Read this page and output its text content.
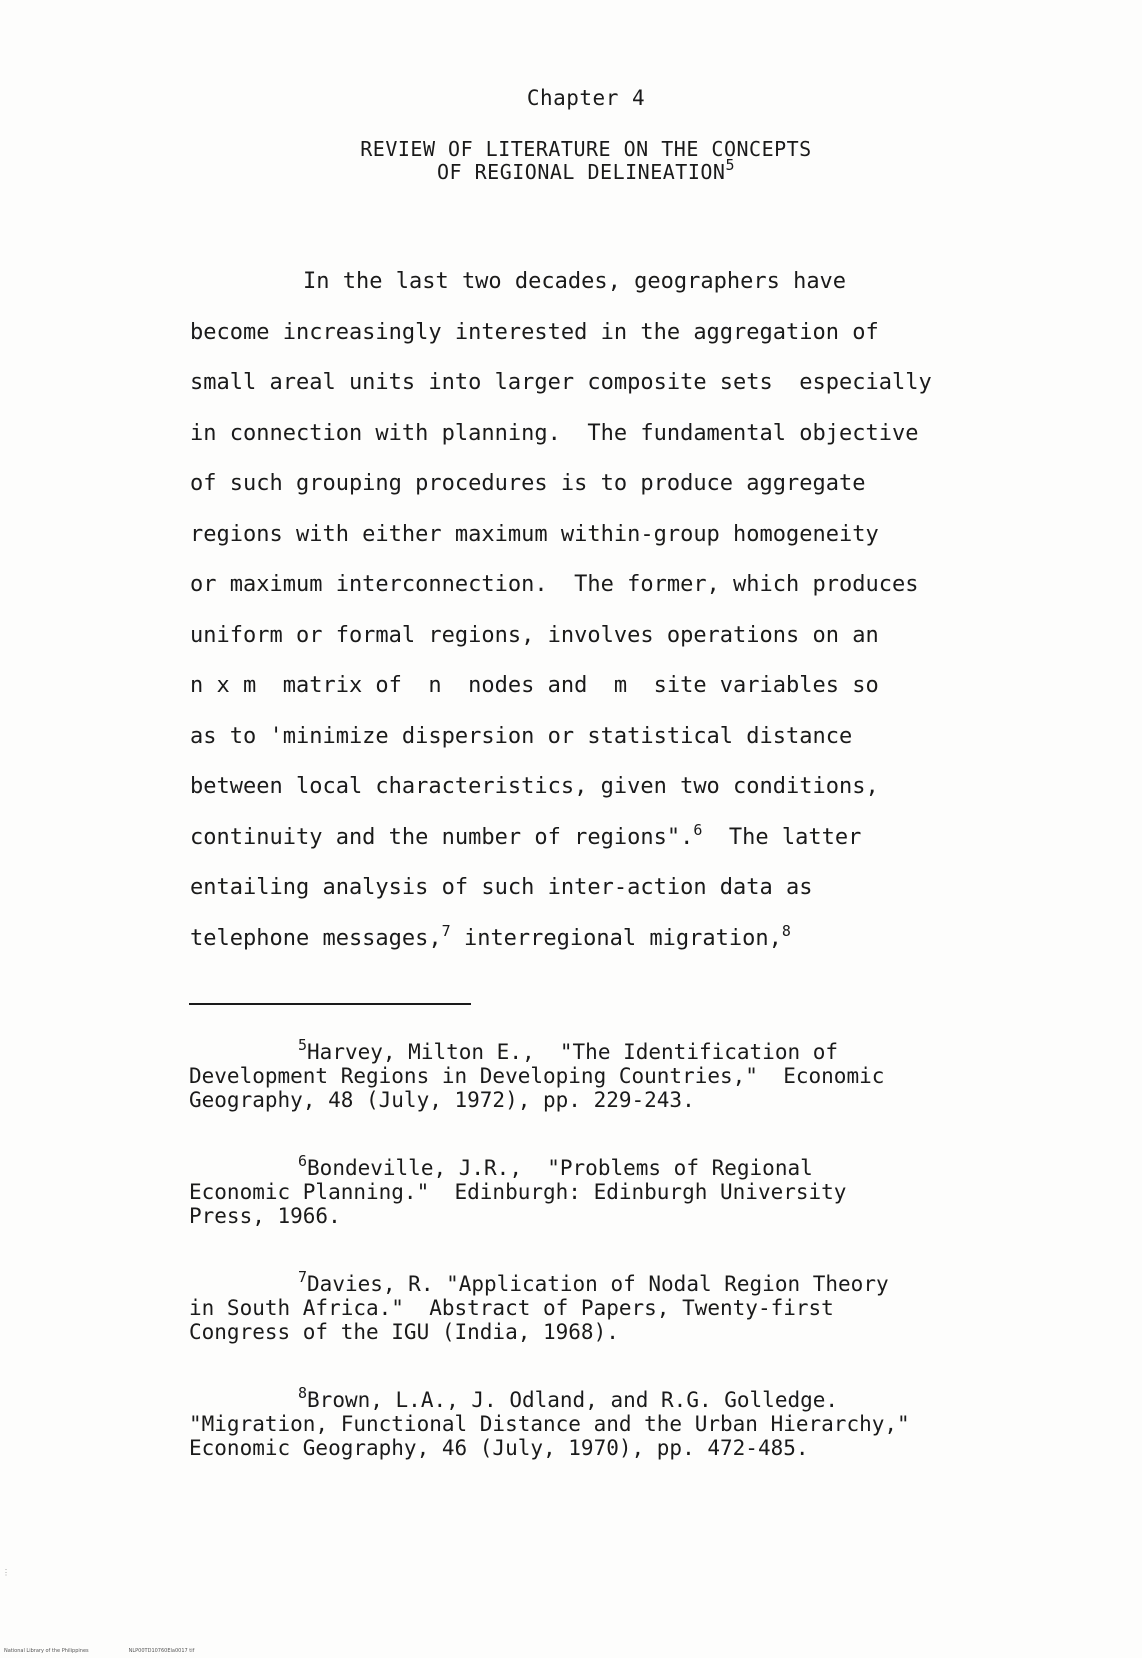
Chapter 4
REVIEW OF LITERATURE ON THE CONCEPTS
OF REGIONAL DELINEATION$^5$
In the last two decades, geographers have
become increasingly interested in the aggregation of
small areal units into larger composite sets  especially
in connection with planning.  The fundamental objective
of such grouping procedures is to produce aggregate
regions with either maximum within-group homogeneity
or maximum interconnection.  The former, which produces
uniform or formal regions, involves operations on an
n x m  matrix of  n  nodes and  m  site variables so
as to 'minimize dispersion or statistical distance
between local characteristics, given two conditions,
continuity and the number of regions".$^6$ The latter
entailing analysis of such inter-action data as
telephone messages,$^7$ interregional migration,$^8$
$^5$Harvey, Milton E.,  "The Identification of
Development Regions in Developing Countries,"  Economic
Geography, 48 (July, 1972), pp. 229-243.
$^6$Bondeville, J.R.,  "Problems of Regional
Economic Planning."  Edinburgh: Edinburgh University
Press, 1966.
$^7$Davies, R. "Application of Nodal Region Theory
in South Africa."  Abstract of Papers, Twenty-first
Congress of the IGU (India, 1968).
$^8$Brown, L.A., J. Odland, and R.G. Golledge.
"Migration, Functional Distance and the Urban Hierarchy,"
Economic Geography, 46 (July, 1970), pp. 472-485.
⋮
National Library of the Philippines	NLP00TD10760Ela0017 tif
